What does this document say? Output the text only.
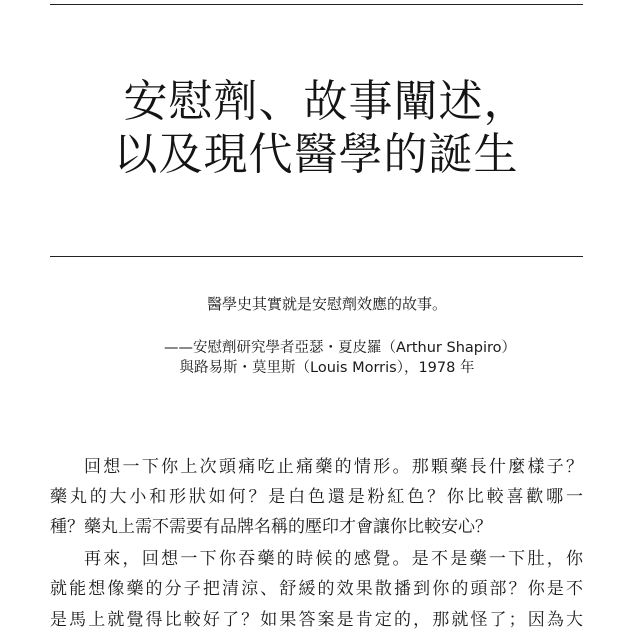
安慰劑、故事闡述，
以及現代醫學的誕生
醫學史其實就是安慰劑效應的故事。
——安慰劑研究學者亞瑟・夏皮羅（Arthur Shapiro）
與路易斯・莫里斯（Louis Morris），1978 年
回想一下你上次頭痛吃止痛藥的情形。那顆藥長什麼樣子？
藥丸的大小和形狀如何？是白色還是粉紅色？你比較喜歡哪一
種？藥丸上需不需要有品牌名稱的壓印才會讓你比較安心？
再來，回想一下你吞藥的時候的感覺。是不是藥一下肚，你
就能想像藥的分子把清涼、舒緩的效果散播到你的頭部？你是不
是馬上就覺得比較好了？如果答案是肯定的，那就怪了；因為大
